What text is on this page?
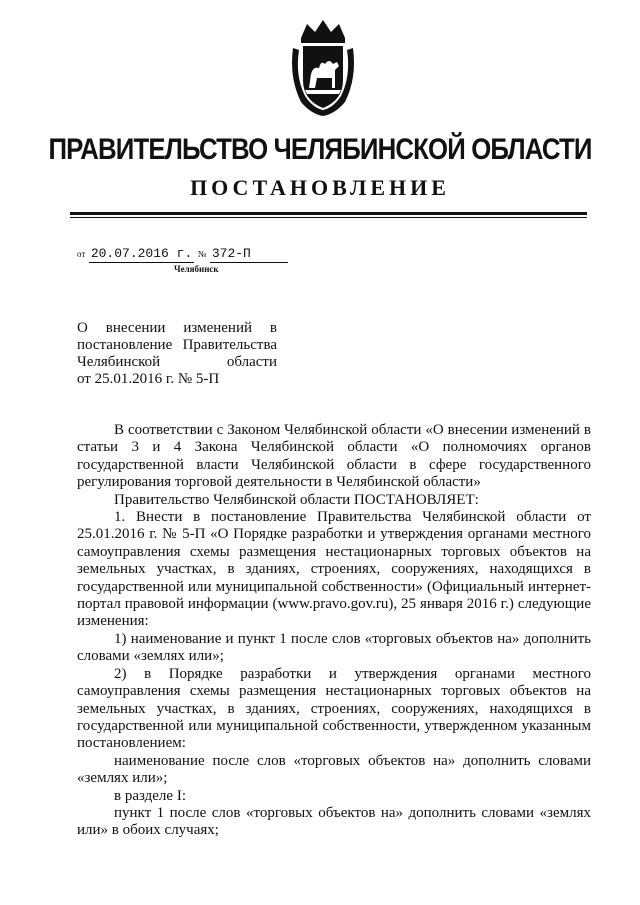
ПРАВИТЕЛЬСТВО ЧЕЛЯБИНСКОЙ ОБЛАСТИ
ПОСТАНОВЛЕНИЕ
от 20.07.2016 г. № 372-П
Челябинск
О внесении изменений в
постановление Правительства
Челябинской области
от 25.01.2016 г. № 5-П

В соответствии с Законом Челябинской области «О внесении изменений в статьи 3 и 4 Закона Челябинской области «О полномочиях органов государственной власти Челябинской области в сфере государственного регулирования торговой деятельности в Челябинской области»

Правительство Челябинской области ПОСТАНОВЛЯЕТ:

1. Внести в постановление Правительства Челябинской области от 25.01.2016 г. № 5-П «О Порядке разработки и утверждения органами местного самоуправления схемы размещения нестационарных торговых объектов на земельных участках, в зданиях, строениях, сооружениях, находящихся в государственной или муниципальной собственности» (Официальный интернет-портал правовой информации (www.pravo.gov.ru), 25 января 2016 г.) следующие изменения:

1) наименование и пункт 1 после слов «торговых объектов на» дополнить словами «землях или»;

2) в Порядке разработки и утверждения органами местного самоуправления схемы размещения нестационарных торговых объектов на земельных участках, в зданиях, строениях, сооружениях, находящихся в государственной или муниципальной собственности, утвержденном указанным постановлением:

наименование после слов «торговых объектов на» дополнить словами «землях или»;

в разделе I:

пункт 1 после слов «торговых объектов на» дополнить словами «землях или» в обоих случаях;
